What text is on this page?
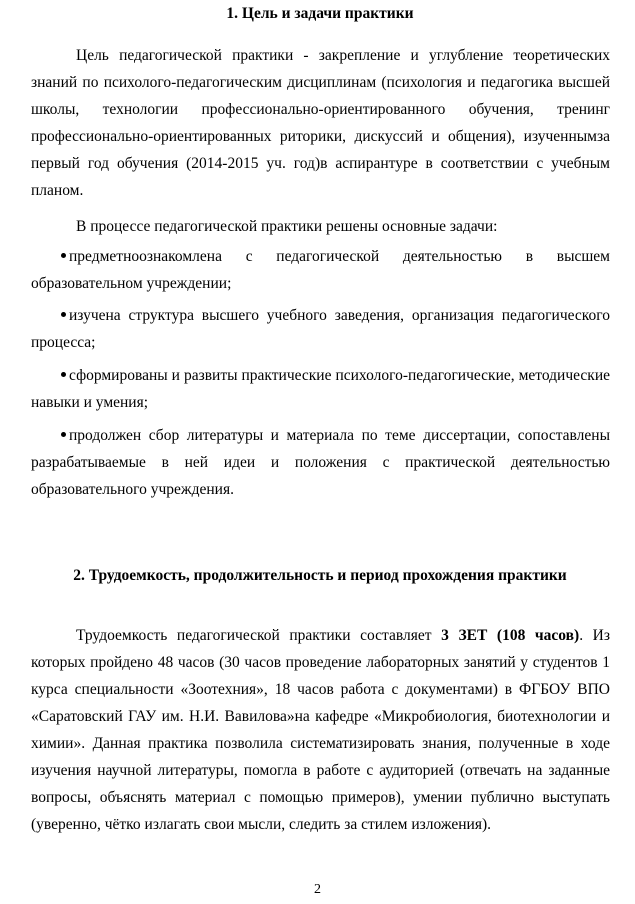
1. Цель и задачи практики
Цель педагогической практики - закрепление и углубление теоретических знаний по психолого-педагогическим дисциплинам (психология и педагогика высшей школы, технологии профессионально-ориентированного обучения, тренинг профессионально-ориентированных риторики, дискуссий и общения), изученнымза первый год обучения (2014-2015 уч. год)в аспирантуре в соответствии с учебным планом.
В процессе педагогической практики решены основные задачи:
предметноознакомлена с педагогической деятельностью в высшем образовательном учреждении;
изучена структура высшего учебного заведения, организация педагогического процесса;
сформированы и развиты практические психолого-педагогические, методические навыки и умения;
продолжен сбор литературы и материала по теме диссертации, сопоставлены разрабатываемые в ней идеи и положения с практической деятельностью образовательного учреждения.
2. Трудоемкость, продолжительность и период прохождения практики
Трудоемкость педагогической практики составляет 3 ЗЕТ (108 часов). Из которых пройдено 48 часов (30 часов проведение лабораторных занятий у студентов 1 курса специальности «Зоотехния», 18 часов работа с документами) в ФГБОУ ВПО «Саратовский ГАУ им. Н.И. Вавилова»на кафедре «Микробиология, биотехнологии и химии». Данная практика позволила систематизировать знания, полученные в ходе изучения научной литературы, помогла в работе с аудиторией (отвечать на заданные вопросы, объяснять материал с помощью примеров), умении публично выступать (уверенно, чётко излагать свои мысли, следить за стилем изложения).
2
